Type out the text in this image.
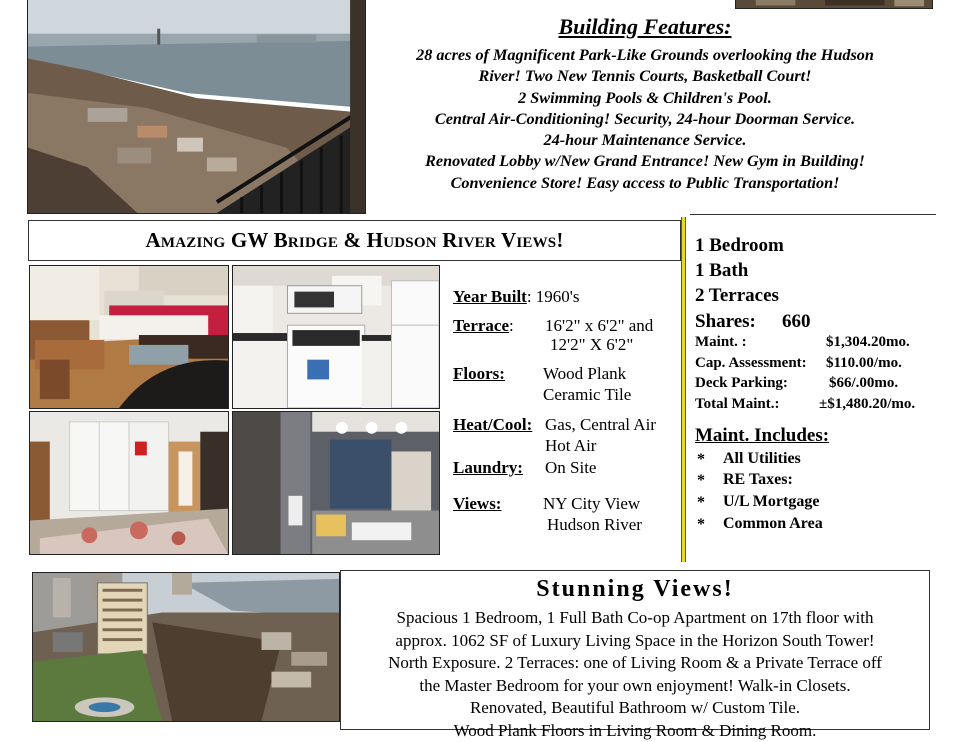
Building Features:
28 acres of Magnificent Park-Like Grounds overlooking the Hudson
River! Two New Tennis Courts, Basketball Court!
2 Swimming Pools & Children's Pool.
Central Air-Conditioning! Security, 24-hour Doorman Service.
24-hour Maintenance Service.
Renovated Lobby w/New Grand Entrance! New Gym in Building!
Convenience Store! Easy access to Public Transportation!
Amazing GW Bridge & Hudson River Views!
Year Built: 1960's
Terrace: 16'2" x 6'2" and
12'2" X 6'2"
Floors: Wood Plank
Ceramic Tile
Heat/Cool: Gas, Central Air
Hot Air
Laundry: On Site
Views: NY City View
Hudson River
1 Bedroom
1 Bath
2 Terraces
Shares: 660
Maint. :	$1,304.20mo.
Cap. Assessment: $110.00/mo.
Deck Parking:	$66/.00mo.
Total Maint.:	±$1,480.20/mo.
Maint. Includes:
* All Utilities
* RE Taxes:
* U/L Mortgage
* Common Area
Stunning Views!
Spacious 1 Bedroom, 1 Full Bath Co-op Apartment on 17th floor with
approx. 1062 SF of Luxury Living Space in the Horizon South Tower!
North Exposure. 2 Terraces: one of Living Room & a Private Terrace off
the Master Bedroom for your own enjoyment! Walk-in Closets.
Renovated, Beautiful Bathroom w/ Custom Tile.
Wood Plank Floors in Living Room & Dining Room.
